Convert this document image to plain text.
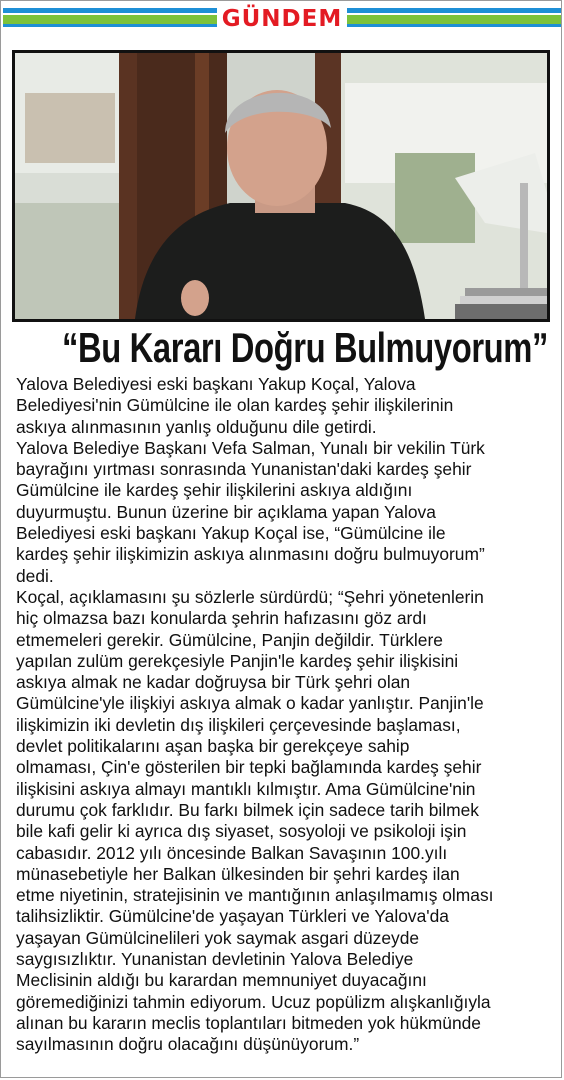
GÜNDEM
“Bu Kararı Doğru Bulmuyorum”

Yalova Belediyesi eski başkanı Yakup Koçal, Yalova
Belediyesi'nin Gümülcine ile olan kardeş şehir ilişkilerinin
askıya alınmasının yanlış olduğunu dile getirdi.

Yalova Belediye Başkanı Vefa Salman, Yunalı bir vekilin Türk
bayrağını yırtması sonrasında Yunanistan'daki kardeş şehir
Gümülcine ile kardeş şehir ilişkilerini askıya aldığını
duyurmuştu. Bunun üzerine bir açıklama yapan Yalova
Belediyesi eski başkanı Yakup Koçal ise, “Gümülcine ile
kardeş şehir ilişkimizin askıya alınmasını doğru bulmuyorum”
dedi.

Koçal, açıklamasını şu sözlerle sürdürdü; “Şehri yönetenlerin
hiç olmazsa bazı konularda şehrin hafızasını göz ardı
etmemeleri gerekir. Gümülcine, Panjin değildir. Türklere
yapılan zulüm gerekçesiyle Panjin'le kardeş şehir ilişkisini
askıya almak ne kadar doğruysa bir Türk şehri olan
Gümülcine'yle ilişkiyi askıya almak o kadar yanlıştır. Panjin'le
ilişkimizin iki devletin dış ilişkileri çerçevesinde başlaması,
devlet politikalarını aşan başka bir gerekçeye sahip
olmaması, Çin'e gösterilen bir tepki bağlamında kardeş şehir
ilişkisini askıya almayı mantıklı kılmıştır. Ama Gümülcine'nin
durumu çok farklıdır. Bu farkı bilmek için sadece tarih bilmek
bile kafi gelir ki ayrıca dış siyaset, sosyoloji ve psikoloji işin
cabasıdır. 2012 yılı öncesinde Balkan Savaşının 100.yılı
münasebetiyle her Balkan ülkesinden bir şehri kardeş ilan
etme niyetinin, stratejisinin ve mantığının anlaşılmamış olması
talihsizliktir. Gümülcine'de yaşayan Türkleri ve Yalova'da
yaşayan Gümülcinelileri yok saymak asgari düzeyde
saygısızlıktır. Yunanistan devletinin Yalova Belediye
Meclisinin aldığı bu karardan memnuniyet duyacağını
göremediğinizi tahmin ediyorum. Ucuz popülizm alışkanlığıyla
alınan bu kararın meclis toplantıları bitmeden yok hükmünde
sayılmasının doğru olacağını düşünüyorum.”
